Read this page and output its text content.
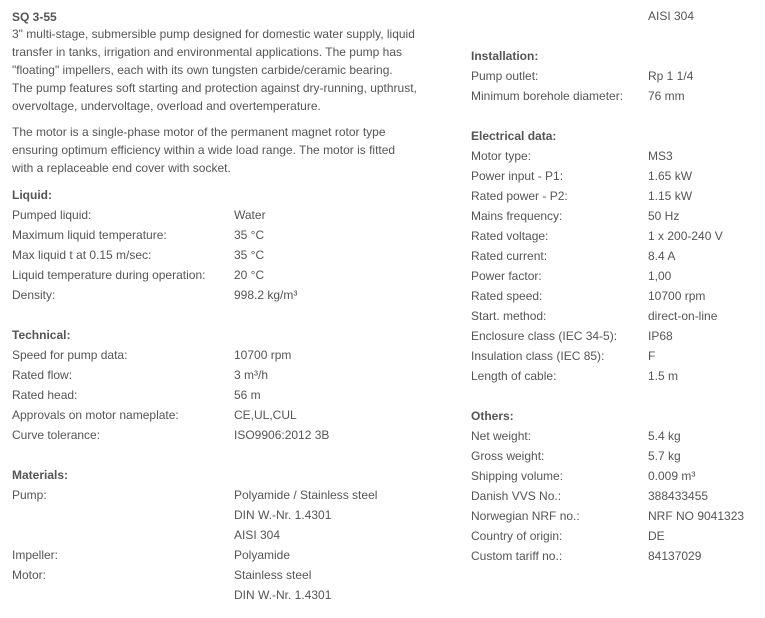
SQ 3-55

3" multi-stage, submersible pump designed for domestic water supply, liquid
transfer in tanks, irrigation and environmental applications. The pump has
"floating" impellers, each with its own tungsten carbide/ceramic bearing.
The pump features soft starting and protection against dry-running, upthrust,
overvoltage, undervoltage, overload and overtemperature.

The motor is a single-phase motor of the permanent magnet rotor type
ensuring optimum efficiency within a wide load range. The motor is fitted
with a replaceable end cover with socket.

Liquid:
Pumped liquid:	Water
Maximum liquid temperature:	35 °C
Max liquid t at 0.15 m/sec:	35 °C
Liquid temperature during operation: 20 °C
Density:	998.2 kg/m³
Technical:
Speed for pump data:	10700 rpm
Rated flow:	3 m³/h
Rated head:	56 m
Approvals on motor nameplate:	CE,UL,CUL
Curve tolerance:	ISO9906:2012 3B
Materials:
Pump:	Polyamide / Stainless steel
DIN W.-Nr. 1.4301
AISI 304
Impeller:	Polyamide
Motor:	Stainless steel
DIN W.-Nr. 1.4301
AISI 304
Installation:
Pump outlet:	Rp 1 1/4
Minimum borehole diameter: 76 mm
Electrical data:
Motor type:	MS3
Power input - P1:	1.65 kW
Rated power - P2:	1.15 kW
Mains frequency:	50 Hz
Rated voltage:	1 x 200-240 V
Rated current:	8.4 A
Power factor:	1,00
Rated speed:	10700 rpm
Start. method:	direct-on-line
Enclosure class (IEC 34-5):	IP68
Insulation class (IEC 85):	F
Length of cable:	1.5 m
Others:
Net weight:	5.4 kg
Gross weight:	5.7 kg
Shipping volume:	0.009 m³
Danish VVS No.:	388433455
Norwegian NRF no.:	NRF NO 9041323
Country of origin:	DE
Custom tariff no.:	84137029
